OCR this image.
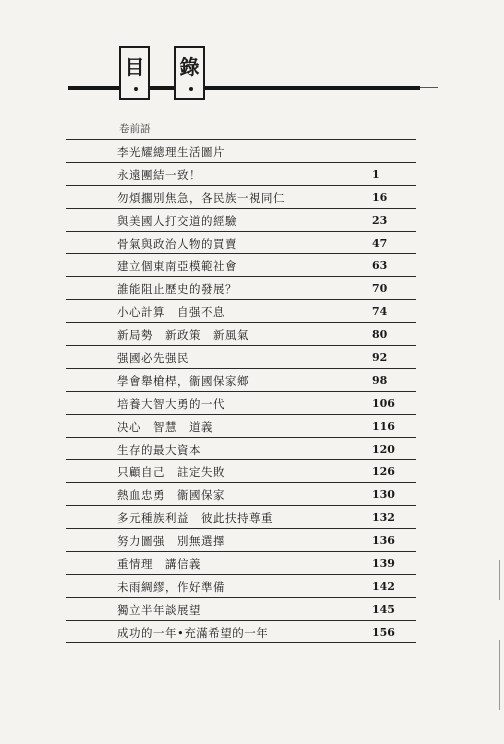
目 錄
卷前語
李光耀總理生活圖片
永遠團結一致！	1
勿煩擱別焦急，各民族一視同仁	16
與美國人打交道的經驗	23
骨氣與政治人物的買賣	47
建立個東南亞模範社會	63
誰能阻止歷史的發展？	70
小心計算　自强不息	74
新局勢　新政策　新風氣	80
强國必先强民	92
學會舉槍桿，衞國保家鄉	98
培養大智大勇的一代	106
决心　智慧　道義	116
生存的最大資本	120
只顧自己　註定失敗	126
熱血忠勇　衞國保家	130
多元種族利益　彼此扶持尊重	132
努力圖强　別無選擇	136
重情理　講信義	139
未雨綢繆，作好準備	142
獨立半年談展望	145
成功的一年•充滿希望的一年	156
